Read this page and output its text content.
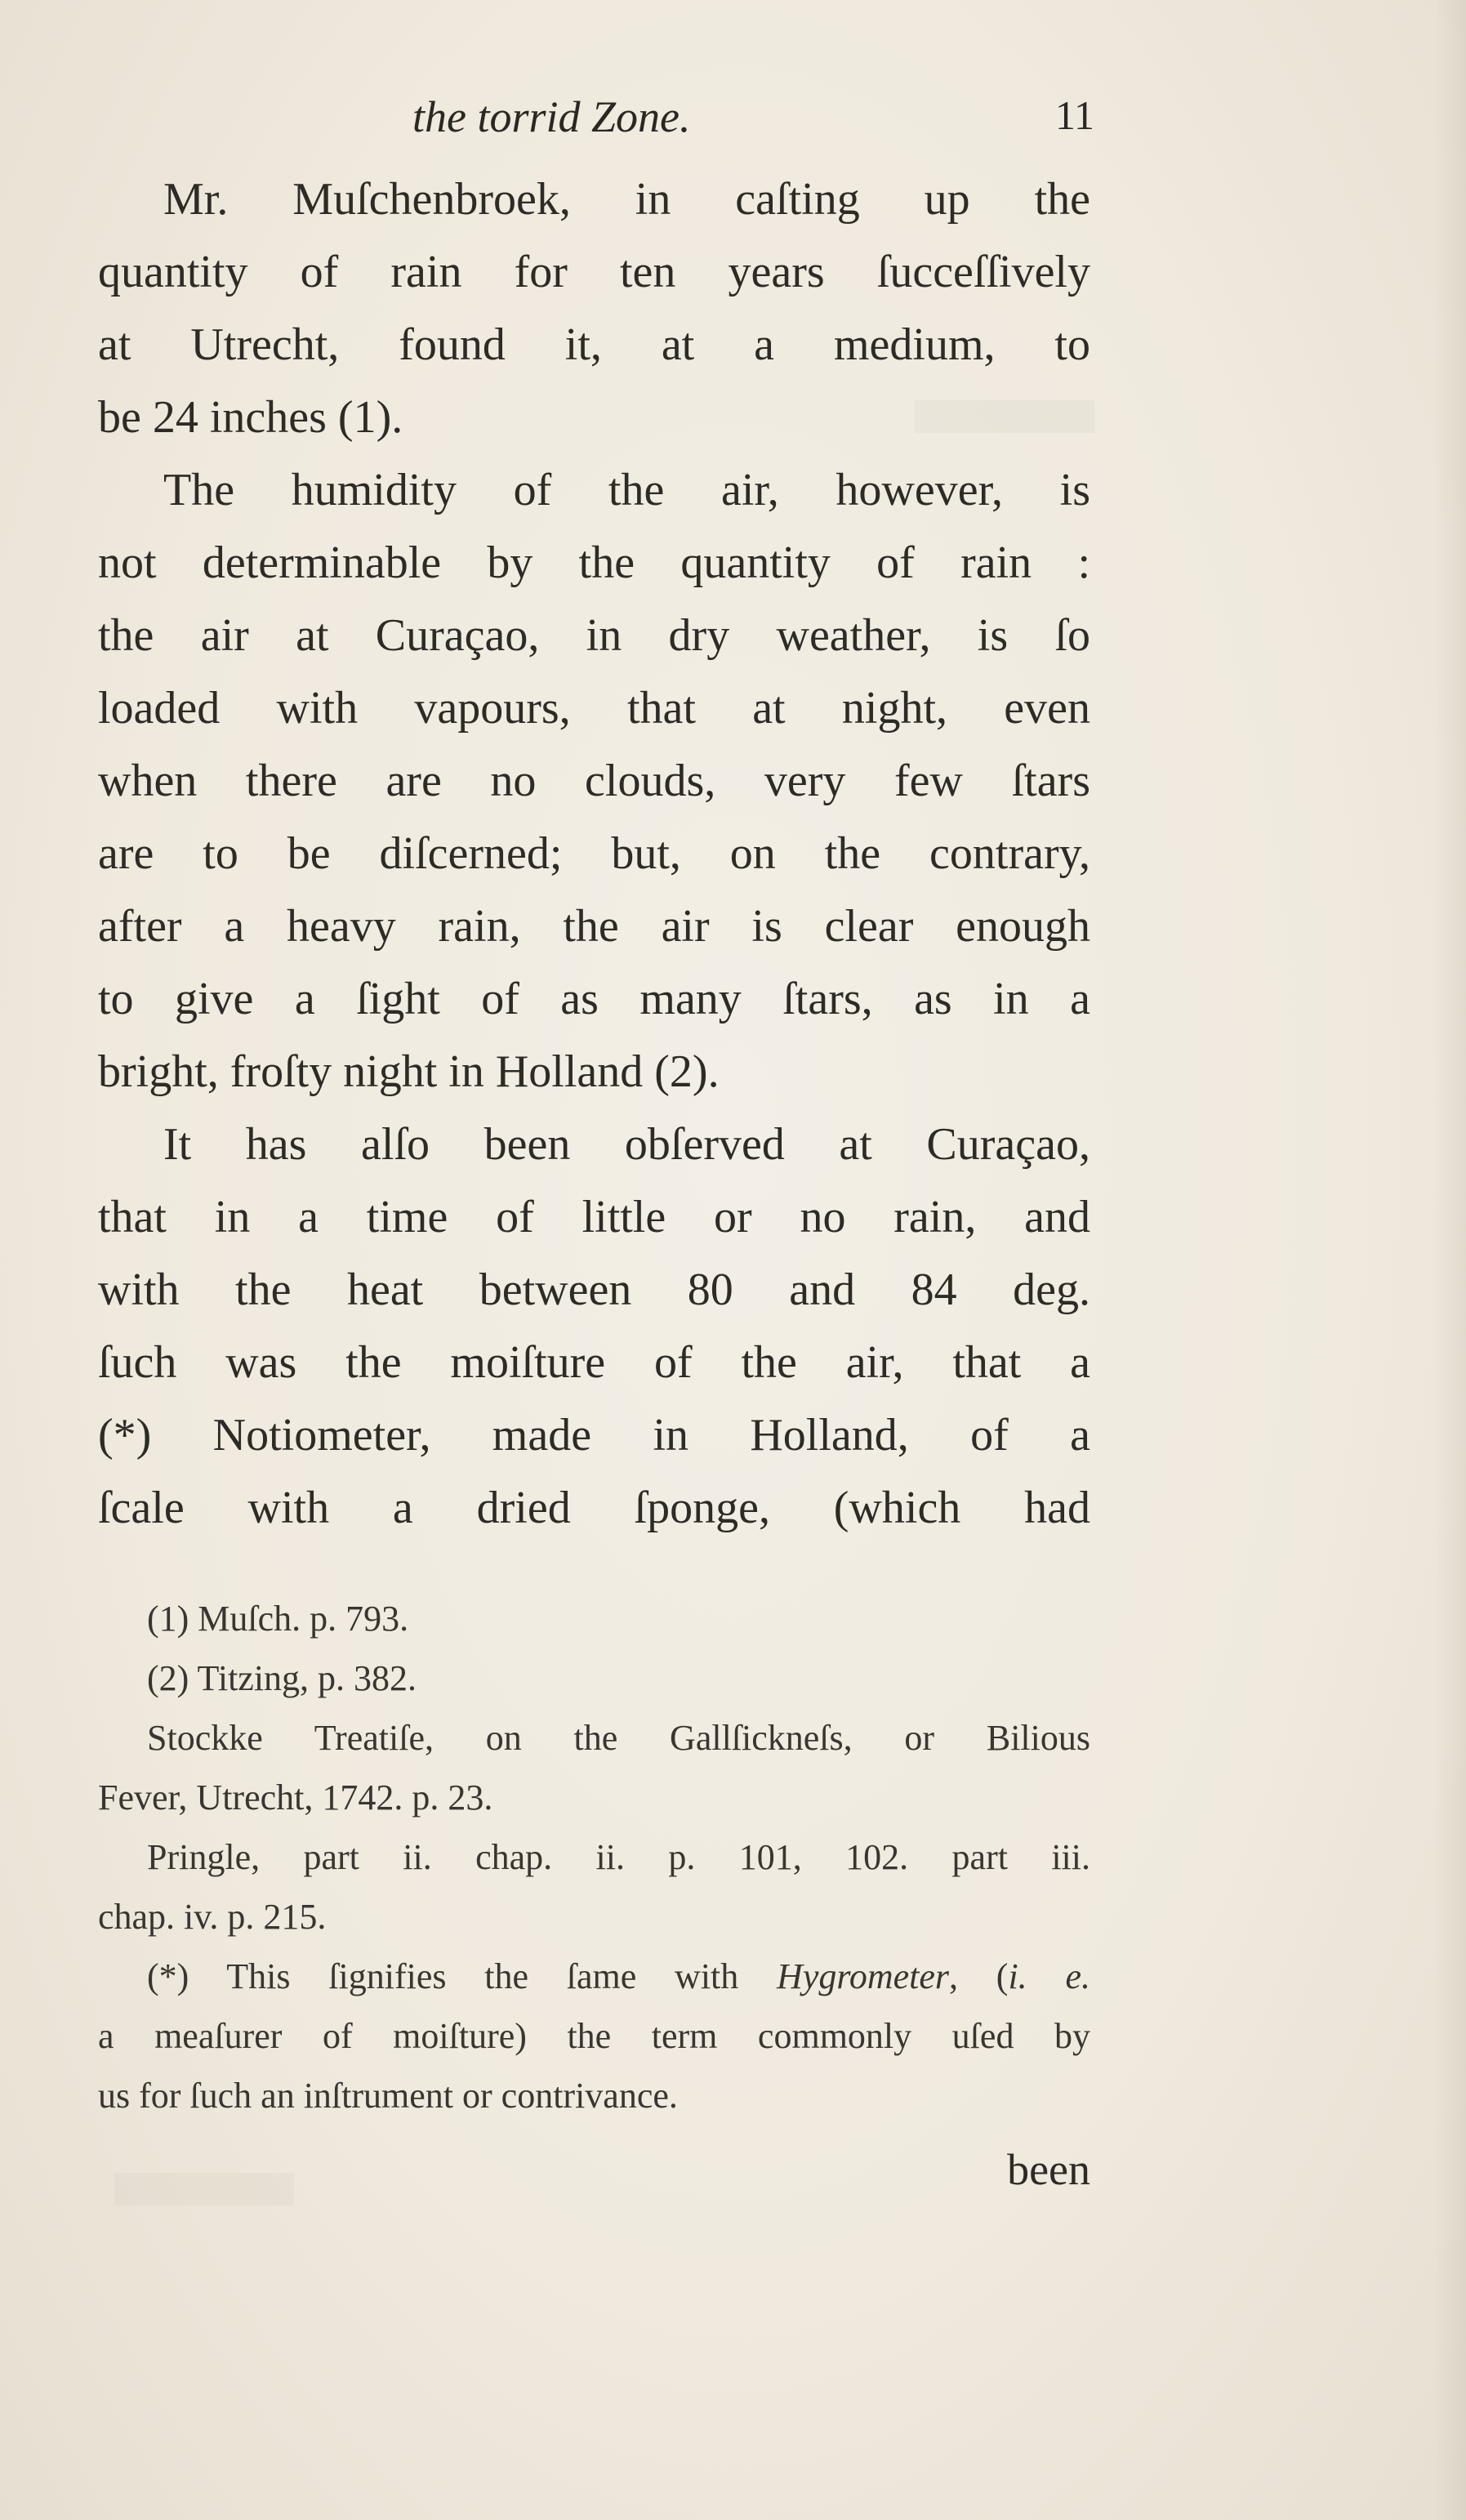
the torrid Zone.	11
Mr. Muſchenbroek, in caſting up the
quantity of rain for ten years ſucceſſively
at Utrecht, found it, at a medium, to
be 24 inches (1).
The humidity of the air, however, is
not determinable by the quantity of rain :
the air at Curaçao, in dry weather, is ſo
loaded with vapours, that at night, even
when there are no clouds, very few ſtars
are to be diſcerned; but, on the contrary,
after a heavy rain, the air is clear enough
to give a ſight of as many ſtars, as in a
bright, froſty night in Holland (2).
It has alſo been obſerved at Curaçao,
that in a time of little or no rain, and
with the heat between 80 and 84 deg.
ſuch was the moiſture of the air, that a
(*) Notiometer, made in Holland, of a
ſcale with a dried ſponge, (which had
(1) Muſch. p. 793.
(2) Titzing, p. 382.
Stockke Treatiſe, on the Gallſickneſs, or Bilious
Fever, Utrecht, 1742. p. 23.
Pringle, part ii. chap. ii. p. 101, 102. part iii.
chap. iv. p. 215.
(*) This ſignifies the ſame with Hygrometer, (i. e.
a meaſurer of moiſture) the term commonly uſed by
us for ſuch an inſtrument or contrivance.
been
